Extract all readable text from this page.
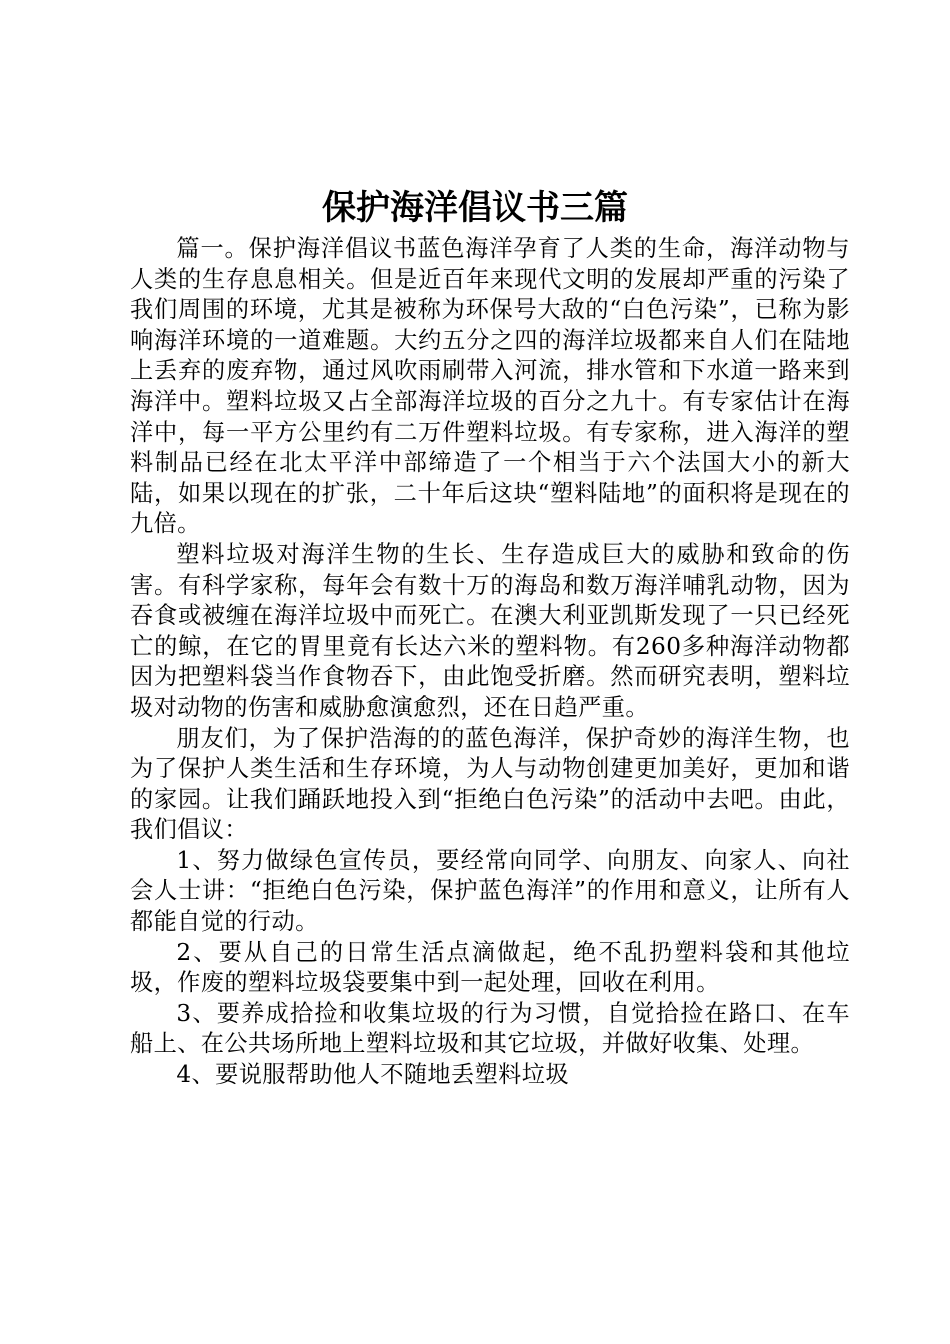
保护海洋倡议书三篇

篇一。保护海洋倡议书蓝色海洋孕育了人类的生命，海洋动物与人类的生存息息相关。但是近百年来现代文明的发展却严重的污染了我们周围的环境，尤其是被称为环保号大敌的“白色污染”，已称为影响海洋环境的一道难题。大约五分之四的海洋垃圾都来自人们在陆地上丢弃的废弃物，通过风吹雨刷带入河流，排水管和下水道一路来到海洋中。塑料垃圾又占全部海洋垃圾的百分之九十。有专家估计在海洋中，每一平方公里约有二万件塑料垃圾。有专家称，进入海洋的塑料制品已经在北太平洋中部缔造了一个相当于六个法国大小的新大陆，如果以现在的扩张，二十年后这块“塑料陆地”的面积将是现在的九倍。

塑料垃圾对海洋生物的生长、生存造成巨大的威胁和致命的伤害。有科学家称，每年会有数十万的海岛和数万海洋哺乳动物，因为吞食或被缠在海洋垃圾中而死亡。在澳大利亚凯斯发现了一只已经死亡的鲸，在它的胃里竟有长达六米的塑料物。有260多种海洋动物都因为把塑料袋当作食物吞下，由此饱受折磨。然而研究表明，塑料垃圾对动物的伤害和威胁愈演愈烈，还在日趋严重。

朋友们，为了保护浩海的的蓝色海洋，保护奇妙的海洋生物，也为了保护人类生活和生存环境，为人与动物创建更加美好，更加和谐的家园。让我们踊跃地投入到“拒绝白色污染”的活动中去吧。由此，我们倡议：

1、努力做绿色宣传员，要经常向同学、向朋友、向家人、向社会人士讲：“拒绝白色污染，保护蓝色海洋”的作用和意义，让所有人都能自觉的行动。

2、要从自己的日常生活点滴做起，绝不乱扔塑料袋和其他垃圾，作废的塑料垃圾袋要集中到一起处理，回收在利用。

3、要养成拾捡和收集垃圾的行为习惯，自觉拾捡在路口、在车船上、在公共场所地上塑料垃圾和其它垃圾，并做好收集、处理。

4、要说服帮助他人不随地丢塑料垃圾
